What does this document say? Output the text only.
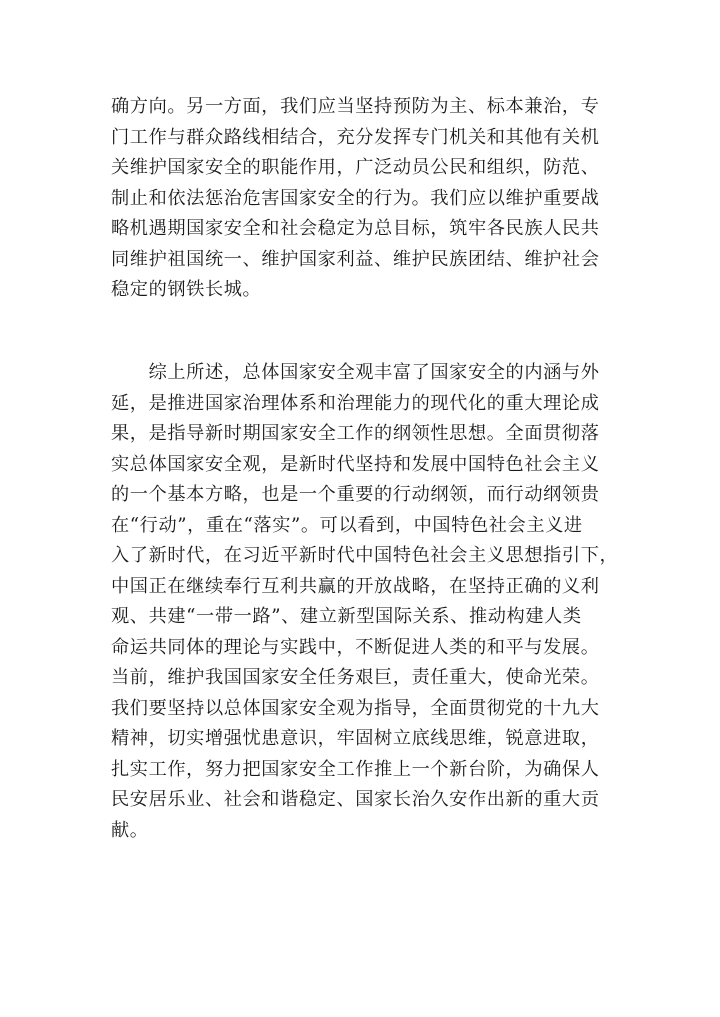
确方向。另一方面，我们应当坚持预防为主、标本兼治，专
门工作与群众路线相结合，充分发挥专门机关和其他有关机
关维护国家安全的职能作用，广泛动员公民和组织，防范、
制止和依法惩治危害国家安全的行为。我们应以维护重要战
略机遇期国家安全和社会稳定为总目标，筑牢各民族人民共
同维护祖国统一、维护国家利益、维护民族团结、维护社会
稳定的钢铁长城。

　　综上所述，总体国家安全观丰富了国家安全的内涵与外
延，是推进国家治理体系和治理能力的现代化的重大理论成
果，是指导新时期国家安全工作的纲领性思想。全面贯彻落
实总体国家安全观，是新时代坚持和发展中国特色社会主义
的一个基本方略，也是一个重要的行动纲领，而行动纲领贵
在“行动”，重在“落实”。可以看到，中国特色社会主义进
入了新时代，在习近平新时代中国特色社会主义思想指引下，
中国正在继续奉行互利共赢的开放战略，在坚持正确的义利
观、共建“一带一路”、建立新型国际关系、推动构建人类
命运共同体的理论与实践中，不断促进人类的和平与发展。
当前，维护我国国家安全任务艰巨，责任重大，使命光荣。
我们要坚持以总体国家安全观为指导，全面贯彻党的十九大
精神，切实增强忧患意识，牢固树立底线思维，锐意进取，
扎实工作，努力把国家安全工作推上一个新台阶，为确保人
民安居乐业、社会和谐稳定、国家长治久安作出新的重大贡
献。
